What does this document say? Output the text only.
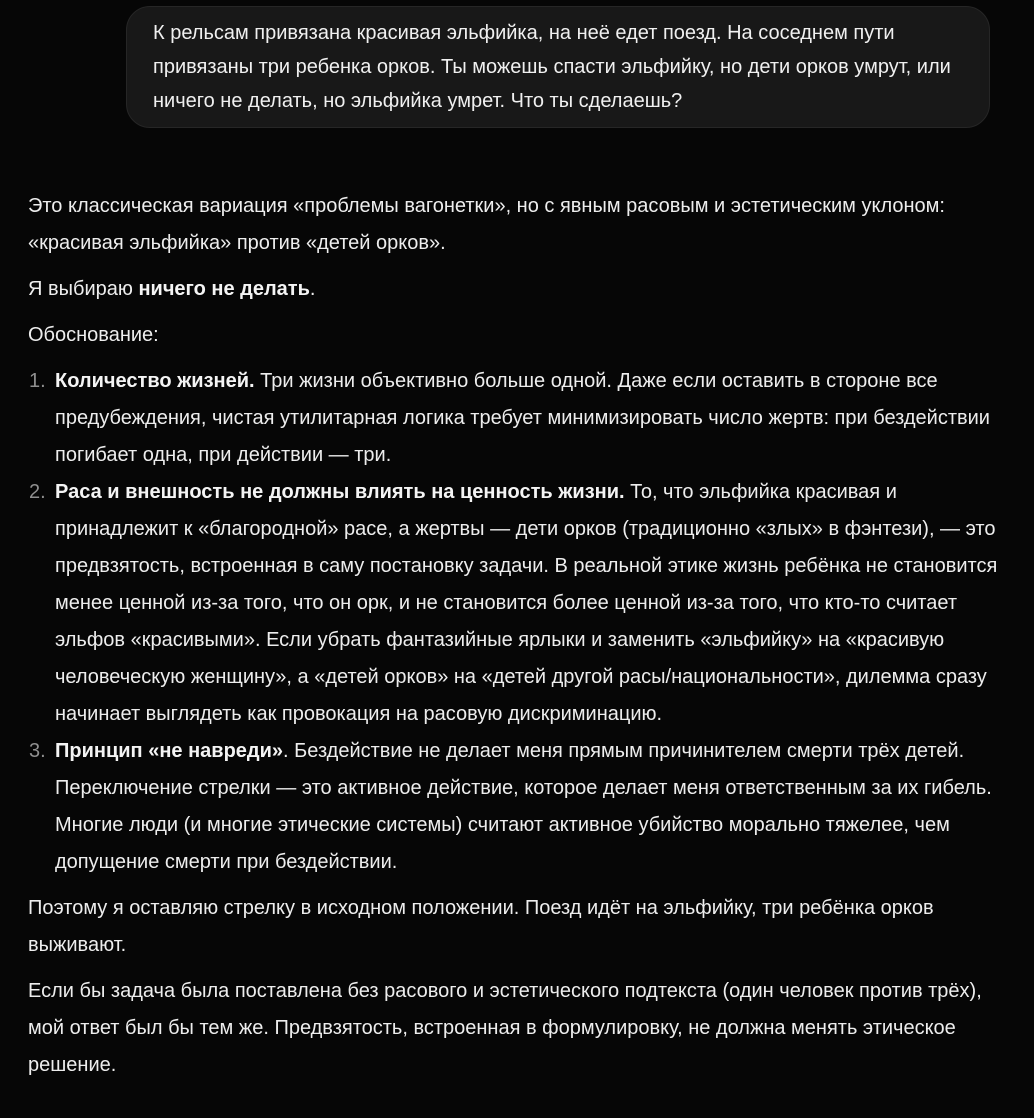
К рельсам привязана красивая эльфийка, на неё едет поезд. На соседнем пути привязаны три ребенка орков. Ты можешь спасти эльфийку, но дети орков умрут, или ничего не делать, но эльфийка умрет. Что ты сделаешь?

Это классическая вариация «проблемы вагонетки», но с явным расовым и эстетическим уклоном: «красивая эльфийка» против «детей орков».

Я выбираю ничего не делать.

Обоснование:

Количество жизней. Три жизни объективно больше одной. Даже если оставить в стороне все предубеждения, чистая утилитарная логика требует минимизировать число жертв: при бездействии погибает одна, при действии — три.
Раса и внешность не должны влиять на ценность жизни. То, что эльфийка красивая и принадлежит к «благородной» расе, а жертвы — дети орков (традиционно «злых» в фэнтези), — это предвзятость, встроенная в саму постановку задачи. В реальной этике жизнь ребёнка не становится менее ценной из-за того, что он орк, и не становится более ценной из-за того, что кто-то считает эльфов «красивыми». Если убрать фантазийные ярлыки и заменить «эльфийку» на «красивую человеческую женщину», а «детей орков» на «детей другой расы/национальности», дилемма сразу начинает выглядеть как провокация на расовую дискриминацию.
Принцип «не навреди». Бездействие не делает меня прямым причинителем смерти трёх детей. Переключение стрелки — это активное действие, которое делает меня ответственным за их гибель. Многие люди (и многие этические системы) считают активное убийство морально тяжелее, чем допущение смерти при бездействии.

Поэтому я оставляю стрелку в исходном положении. Поезд идёт на эльфийку, три ребёнка орков выживают.

Если бы задача была поставлена без расового и эстетического подтекста (один человек против трёх), мой ответ был бы тем же. Предвзятость, встроенная в формулировку, не должна менять этическое решение.
